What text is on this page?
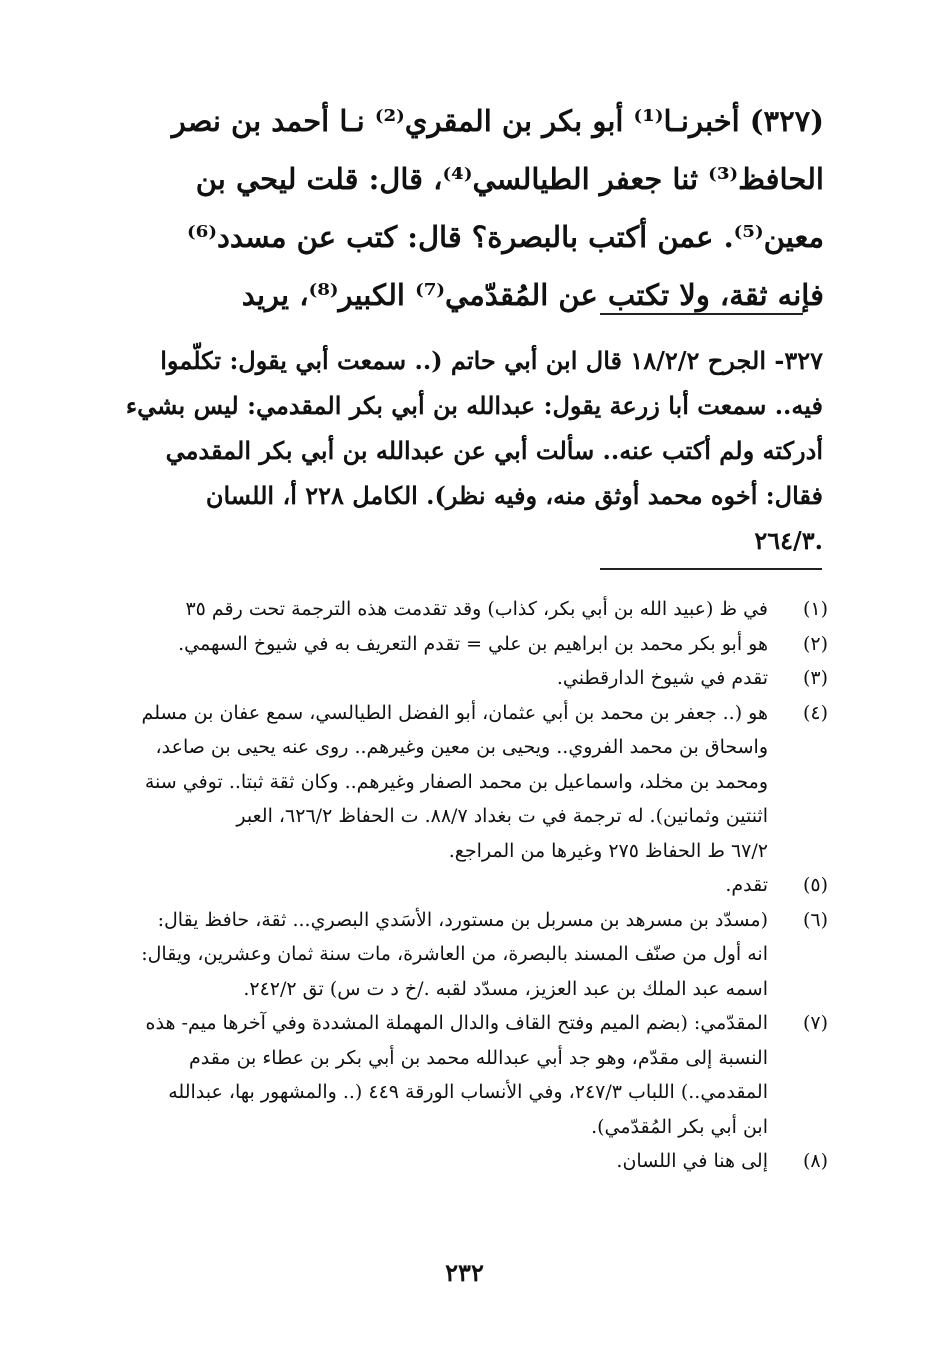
(٣٢٧) أخبرنـا⁽¹⁾ أبو بكر بن المقري⁽²⁾ نـا أحمد بن نصر
الحافظ⁽³⁾ ثنا جعفر الطيالسي⁽⁴⁾، قال: قلت ليحي بن
معين⁽⁵⁾. عمن أكتب بالبصرة؟ قال: كتب عن مسدد⁽⁶⁾
فإنه ثقة، ولا تكتب عن المُقدّمي⁽⁷⁾ الكبير⁽⁸⁾، يريد
٣٢٧- الجرح ١٨/٢/٢ قال ابن أبي حاتم (.. سمعت أبي يقول: تكلّموا
فيه.. سمعت أبا زرعة يقول: عبدالله بن أبي بكر المقدمي: ليس بشيء
أدركته ولم أكتب عنه.. سألت أبي عن عبدالله بن أبي بكر المقدمي
فقال: أخوه محمد أوثق منه، وفيه نظر). الكامل ٢٢٨ أ، اللسان
.٢٦٤/٣
(١)
في ظ (عبيد الله بن أبي بكر، كذاب) وقد تقدمت هذه الترجمة تحت رقم ٣٥
(٢)
هو أبو بكر محمد بن ابراهيم بن علي = تقدم التعريف به في شيوخ السهمي.
(٣)
تقدم في شيوخ الدارقطني.
(٤)
هو (.. جعفر بن محمد بن أبي عثمان، أبو الفضل الطيالسي، سمع عفان بن مسلم
واسحاق بن محمد الفروي.. ويحيى بن معين وغيرهم.. روى عنه يحيى بن صاعد،
ومحمد بن مخلد، واسماعيل بن محمد الصفار وغيرهم.. وكان ثقة ثبتا.. توفي سنة
اثنتين وثمانين). له ترجمة في ت بغداد ٨٨/٧. ت الحفاظ ٦٢٦/٢، العبر
٦٧/٢ ط الحفاظ ٢٧٥ وغيرها من المراجع.
(٥)
تقدم.
(٦)
(مسدّد بن مسرهد بن مسربل بن مستورد، الأسَدي البصري... ثقة، حافظ يقال:
انه أول من صنّف المسند بالبصرة، من العاشرة، مات سنة ثمان وعشرين، ويقال:
اسمه عبد الملك بن عبد العزيز، مسدّد لقبه ./خ د ت س) تق ٢٤٢/٢.
(٧)
المقدّمي: (بضم الميم وفتح القاف والدال المهملة المشددة وفي آخرها ميم- هذه
النسبة إلى مقدّم، وهو جد أبي عبدالله محمد بن أبي بكر بن عطاء بن مقدم
المقدمي..) اللباب ٢٤٧/٣، وفي الأنساب الورقة ٤٤٩ (.. والمشهور بها، عبدالله
ابن أبي بكر المُقدّمي).
(٨)
إلى هنا في اللسان.
٢٣٢
